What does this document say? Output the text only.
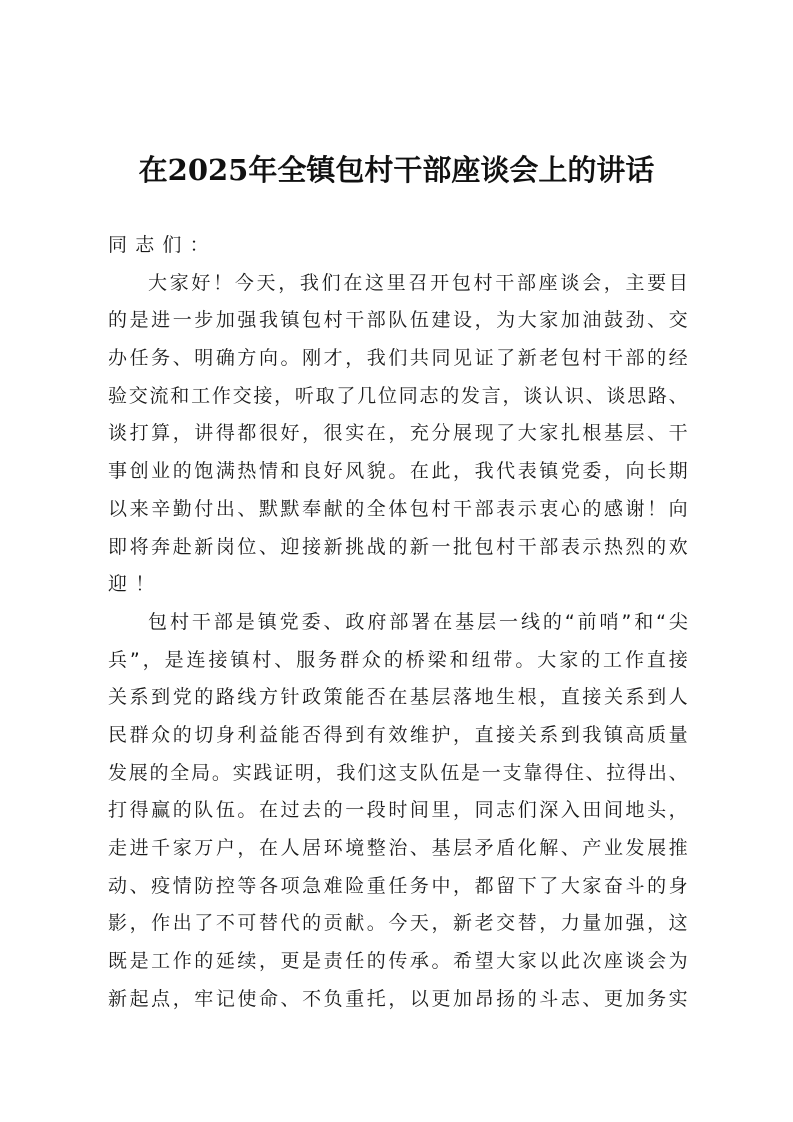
在2025年全镇包村干部座谈会上的讲话
同志们：
大 家 好 ！ 今 天 ， 我 们 在 这 里 召 开 包 村 干 部 座 谈 会 ， 主 要 目
的 是 进 一 步 加 强 我 镇 包 村 干 部 队 伍 建 设 ， 为 大 家 加 油 鼓 劲 、 交
办 任 务 、 明 确 方 向 。 刚 才 ， 我 们 共 同 见 证 了 新 老 包 村 干 部 的 经
验 交 流 和 工 作 交 接 ， 听 取 了 几 位 同 志 的 发 言 ， 谈 认 识 、 谈 思 路 、
谈 打 算 ， 讲 得 都 很 好 ， 很 实 在 ， 充 分 展 现 了 大 家 扎 根 基 层 、 干
事 创 业 的 饱 满 热 情 和 良 好 风 貌 。 在 此 ， 我 代 表 镇 党 委 ， 向 长 期
以 来 辛 勤 付 出 、 默 默 奉 献 的 全 体 包 村 干 部 表 示 衷 心 的 感 谢 ！ 向
即 将 奔 赴 新 岗 位 、 迎 接 新 挑 战 的 新 一 批 包 村 干 部 表 示 热 烈 的 欢
迎！
包 村 干 部 是 镇 党 委 、 政 府 部 署 在 基 层 一 线 的 “ 前 哨 ” 和 “ 尖
兵 ” ， 是 连 接 镇 村 、 服 务 群 众 的 桥 梁 和 纽 带 。 大 家 的 工 作 直 接
关 系 到 党 的 路 线 方 针 政 策 能 否 在 基 层 落 地 生 根 ， 直 接 关 系 到 人
民 群 众 的 切 身 利 益 能 否 得 到 有 效 维 护 ， 直 接 关 系 到 我 镇 高 质 量
发 展 的 全 局 。 实 践 证 明 ， 我 们 这 支 队 伍 是 一 支 靠 得 住 、 拉 得 出 、
打 得 赢 的 队 伍 。 在 过 去 的 一 段 时 间 里 ， 同 志 们 深 入 田 间 地 头 ，
走 进 千 家 万 户 ， 在 人 居 环 境 整 治 、 基 层 矛 盾 化 解 、 产 业 发 展 推
动 、 疫 情 防 控 等 各 项 急 难 险 重 任 务 中 ， 都 留 下 了 大 家 奋 斗 的 身
影 ， 作 出 了 不 可 替 代 的 贡 献 。 今 天 ， 新 老 交 替 ， 力 量 加 强 ， 这
既 是 工 作 的 延 续 ， 更 是 责 任 的 传 承 。 希 望 大 家 以 此 次 座 谈 会 为
新 起 点 ， 牢 记 使 命 、 不 负 重 托 ， 以 更 加 昂 扬 的 斗 志 、 更 加 务 实
